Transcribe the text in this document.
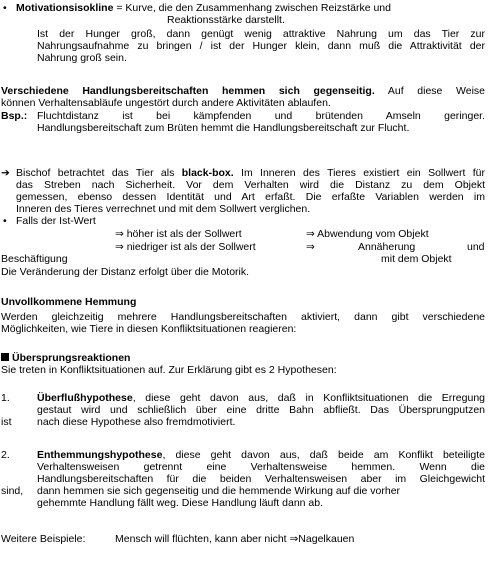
• Motivationsisokline = Kurve, die den Zusammenhang zwischen Reizstärke und
Reaktionsstärke darstellt.
Ist der Hunger groß, dann genügt wenig attraktive Nahrung um das Tier zur
Nahrungsaufnahme zu bringen / ist der Hunger klein, dann muß die Attraktivität der
Nahrung groß sein.
Verschiedene Handlungsbereitschaften hemmen sich gegenseitig. Auf diese Weise
können Verhaltensabläufe ungestört durch andere Aktivitäten ablaufen.
Bsp.: Fluchtdistanz ist bei kämpfenden und brütenden Amseln geringer.
Handlungsbereitschaft zum Brüten hemmt die Handlungsbereitschaft zur Flucht.
➔ Bischof betrachtet das Tier als black-box. Im Inneren des Tieres existiert ein Sollwert für
das Streben nach Sicherheit. Vor dem Verhalten wird die Distanz zu dem Objekt
gemessen, ebenso dessen Identität und Art erfaßt. Die erfaßte Variablen werden im
Inneren des Tieres verrechnet und mit dem Sollwert verglichen.
• Falls der Ist-Wert
⇒ höher ist als der Sollwert	⇒ Abwendung vom Objekt
⇒ niedriger ist als der Sollwert	⇒	Annäherung	und
Beschäftigung	mit dem Objekt
Die Veränderung der Distanz erfolgt über die Motorik.
Unvollkommene Hemmung
Werden gleichzeitig mehrere Handlungsbereitschaften aktiviert, dann gibt verschiedene
Möglichkeiten, wie Tiere in diesen Konfliktsituationen reagieren:
Übersprungsreaktionen
Sie treten in Konfliktsituationen auf. Zur Erklärung gibt es 2 Hypothesen:
1.	Überflußhypothese, diese geht davon aus, daß in Konfliktsituationen die Erregung
gestaut wird und schließlich über eine dritte Bahn abfließt. Das Übersprungputzen
ist nach diese Hypothese also fremdmotiviert.
2.	Enthemmungshypothese, diese geht davon aus, daß beide am Konflikt beteiligte
Verhaltensweisen getrennt eine Verhaltensweise hemmen. Wenn die
Handlungsbereitschaften für die beiden Verhaltensweisen aber im Gleichgewicht
sind, dann hemmen sie sich gegenseitig und die hemmende Wirkung auf die vorher
gehemmte Handlung fällt weg. Diese Handlung läuft dann ab.
Weitere Beispiele:	Mensch will flüchten, kann aber nicht ⇒Nagelkauen
